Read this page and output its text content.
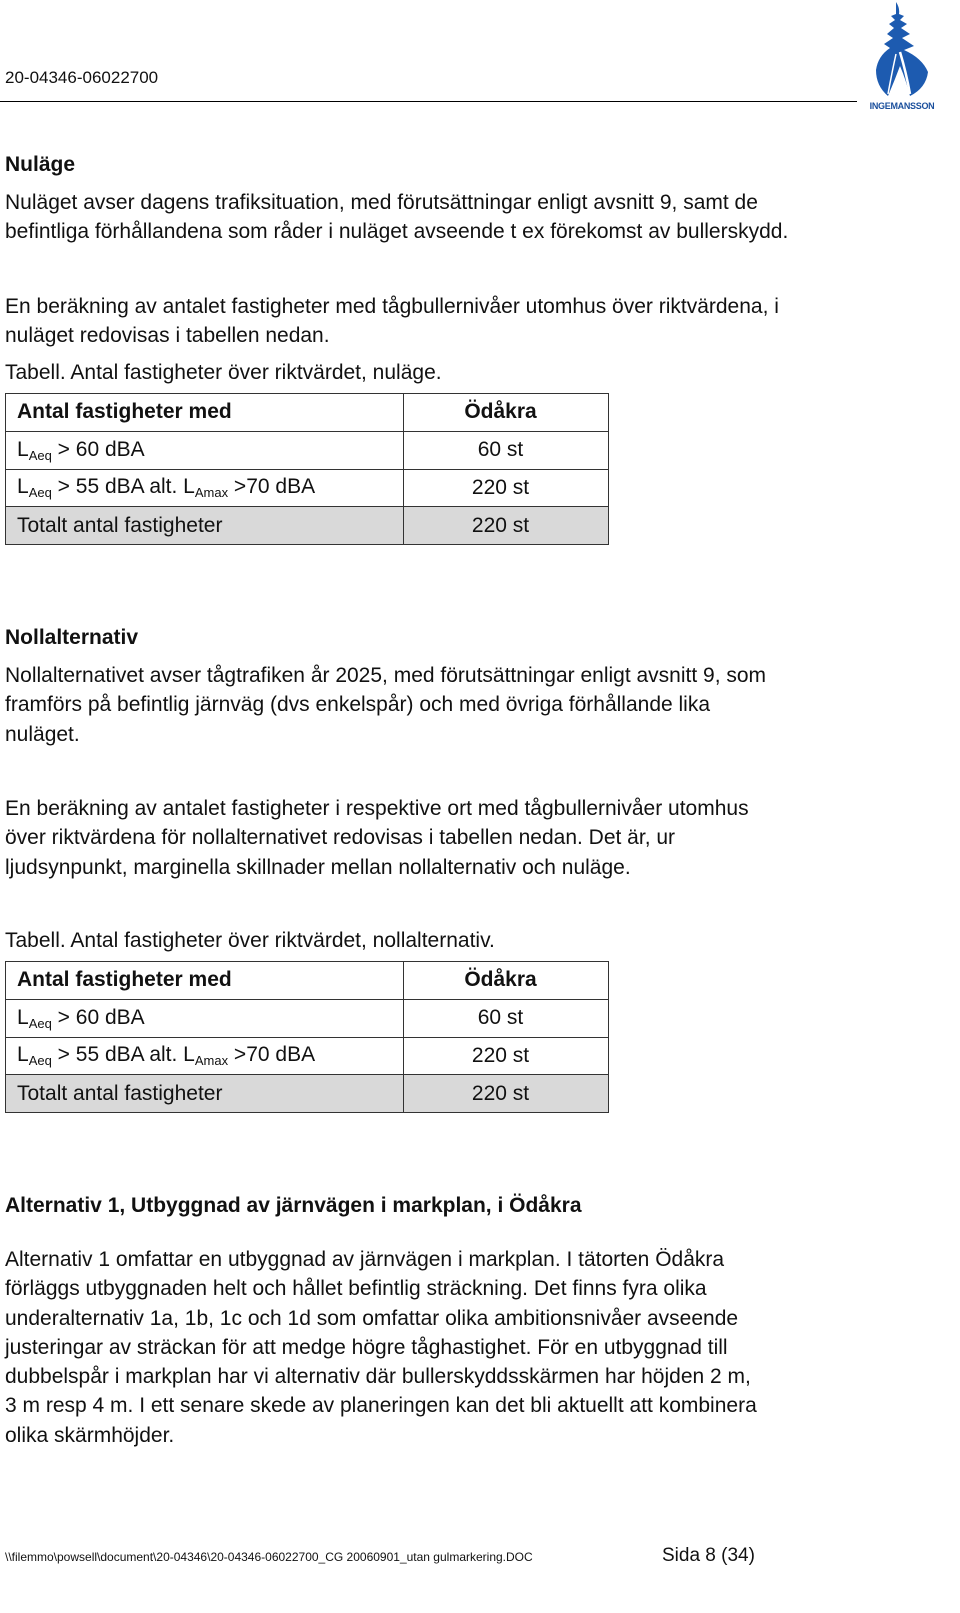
20-04346-06022700
INGEMANSSON
Nuläge
Nuläget avser dagens trafiksituation, med förutsättningar enligt avsnitt 9, samt de
befintliga förhållandena som råder i nuläget avseende t ex förekomst av bullerskydd.
En beräkning av antalet fastigheter med tågbullernivåer utomhus över riktvärdena, i
nuläget redovisas i tabellen nedan.
Tabell. Antal fastigheter över riktvärdet, nuläge.
Antal fastigheter med	Ödåkra
$L_{Aeq} > 60$ dBA	60 st
$L_{Aeq} > 55$ dBA alt. $L_{Amax} >70$ dBA	220 st
Totalt antal fastigheter	220 st
Nollalternativ
Nollalternativet avser tågtrafiken år 2025, med förutsättningar enligt avsnitt 9, som
framförs på befintlig järnväg (dvs enkelspår) och med övriga förhållande lika
nuläget.
En beräkning av antalet fastigheter i respektive ort med tågbullernivåer utomhus
över riktvärdena för nollalternativet redovisas i tabellen nedan. Det är, ur
ljudsynpunkt, marginella skillnader mellan nollalternativ och nuläge.
Tabell. Antal fastigheter över riktvärdet, nollalternativ.
Antal fastigheter med	Ödåkra
$L_{Aeq} > 60$ dBA	60 st
$L_{Aeq} > 55$ dBA alt. $L_{Amax} >70$ dBA	220 st
Totalt antal fastigheter	220 st
Alternativ 1, Utbyggnad av järnvägen i markplan, i Ödåkra
Alternativ 1 omfattar en utbyggnad av järnvägen i markplan. I tätorten Ödåkra
förläggs utbyggnaden helt och hållet befintlig sträckning. Det finns fyra olika
underalternativ 1a, 1b, 1c och 1d som omfattar olika ambitionsnivåer avseende
justeringar av sträckan för att medge högre tåghastighet. För en utbyggnad till
dubbelspår i markplan har vi alternativ där bullerskyddsskärmen har höjden 2 m,
3 m resp 4 m. I ett senare skede av planeringen kan det bli aktuellt att kombinera
olika skärmhöjder.
\\filemmo\powsell\document\20-04346\20-04346-06022700_CG 20060901_utan gulmarkering.DOC	Sida 8 (34)
